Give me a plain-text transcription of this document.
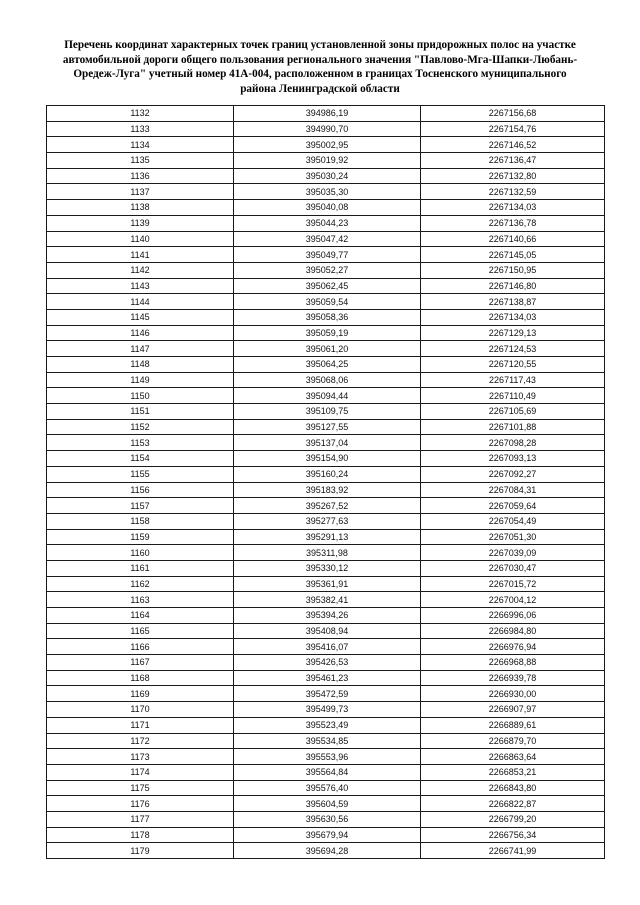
Перечень координат характерных точек границ установленной зоны придорожных полос на участке
автомобильной дороги общего пользования регионального значения "Павлово-Мга-Шапки-Любань-
Оредеж-Луга" учетный номер 41А-004, расположенном в границах Тосненского муниципального
района Ленинградской области
1132	394986,19	2267156,68
1133	394990,70	2267154,76
1134	395002,95	2267146,52
1135	395019,92	2267136,47
1136	395030,24	2267132,80
1137	395035,30	2267132,59
1138	395040,08	2267134,03
1139	395044,23	2267136,78
1140	395047,42	2267140,66
1141	395049,77	2267145,05
1142	395052,27	2267150,95
1143	395062,45	2267146,80
1144	395059,54	2267138,87
1145	395058,36	2267134,03
1146	395059,19	2267129,13
1147	395061,20	2267124,53
1148	395064,25	2267120,55
1149	395068,06	2267117,43
1150	395094,44	2267110,49
1151	395109,75	2267105,69
1152	395127,55	2267101,88
1153	395137,04	2267098,28
1154	395154,90	2267093,13
1155	395160,24	2267092,27
1156	395183,92	2267084,31
1157	395267,52	2267059,64
1158	395277,63	2267054,49
1159	395291,13	2267051,30
1160	395311,98	2267039,09
1161	395330,12	2267030,47
1162	395361,91	2267015,72
1163	395382,41	2267004,12
1164	395394,26	2266996,06
1165	395408,94	2266984,80
1166	395416,07	2266976,94
1167	395426,53	2266968,88
1168	395461,23	2266939,78
1169	395472,59	2266930,00
1170	395499,73	2266907,97
1171	395523,49	2266889,61
1172	395534,85	2266879,70
1173	395553,96	2266863,64
1174	395564,84	2266853,21
1175	395576,40	2266843,80
1176	395604,59	2266822,87
1177	395630,56	2266799,20
1178	395679,94	2266756,34
1179	395694,28	2266741,99
